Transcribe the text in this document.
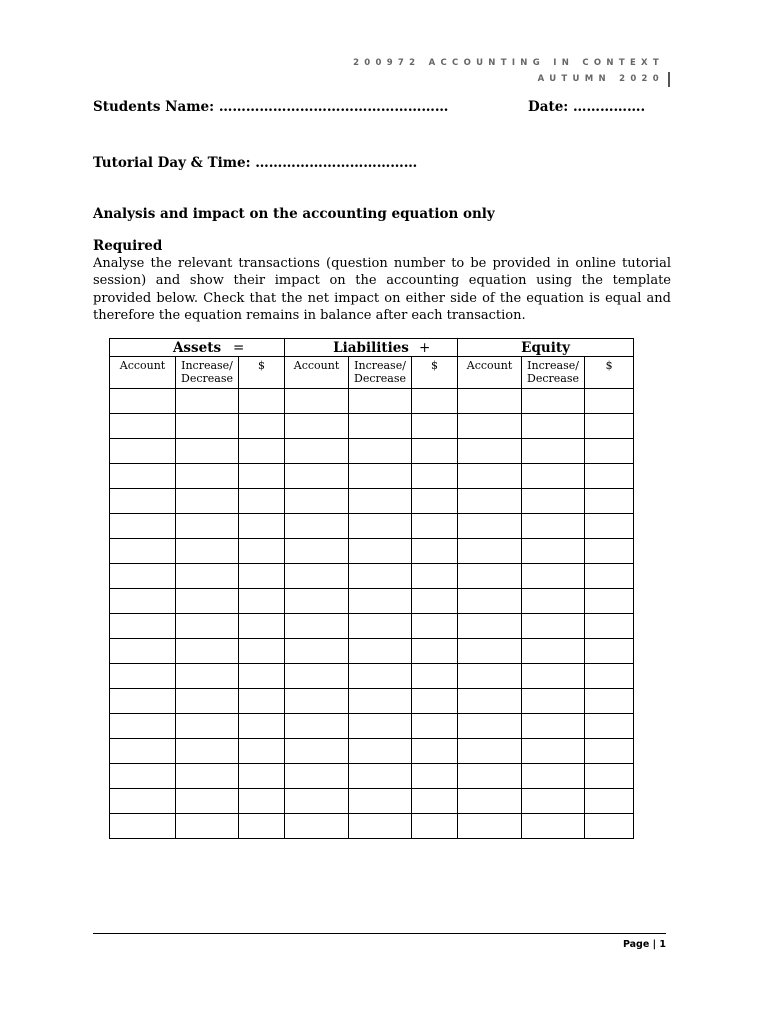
200972 ACCOUNTING IN CONTEXT
AUTUMN 2020
Students Name: ……………………………………………	Date: …………….
Tutorial Day & Time: ………………………………
Analysis and impact on the accounting equation only
Required
Analyse the relevant transactions (question number to be provided in online tutorial session) and show their impact on the accounting equation using the template provided below. Check that the net impact on either side of the equation is equal and therefore the equation remains in balance after each transaction.
Assets =			Liabilities +			Equity		
Account	Increase/ Decrease	$	Account	Increase/ Decrease	$	Account	Increase/ Decrease	$

Page | 1
